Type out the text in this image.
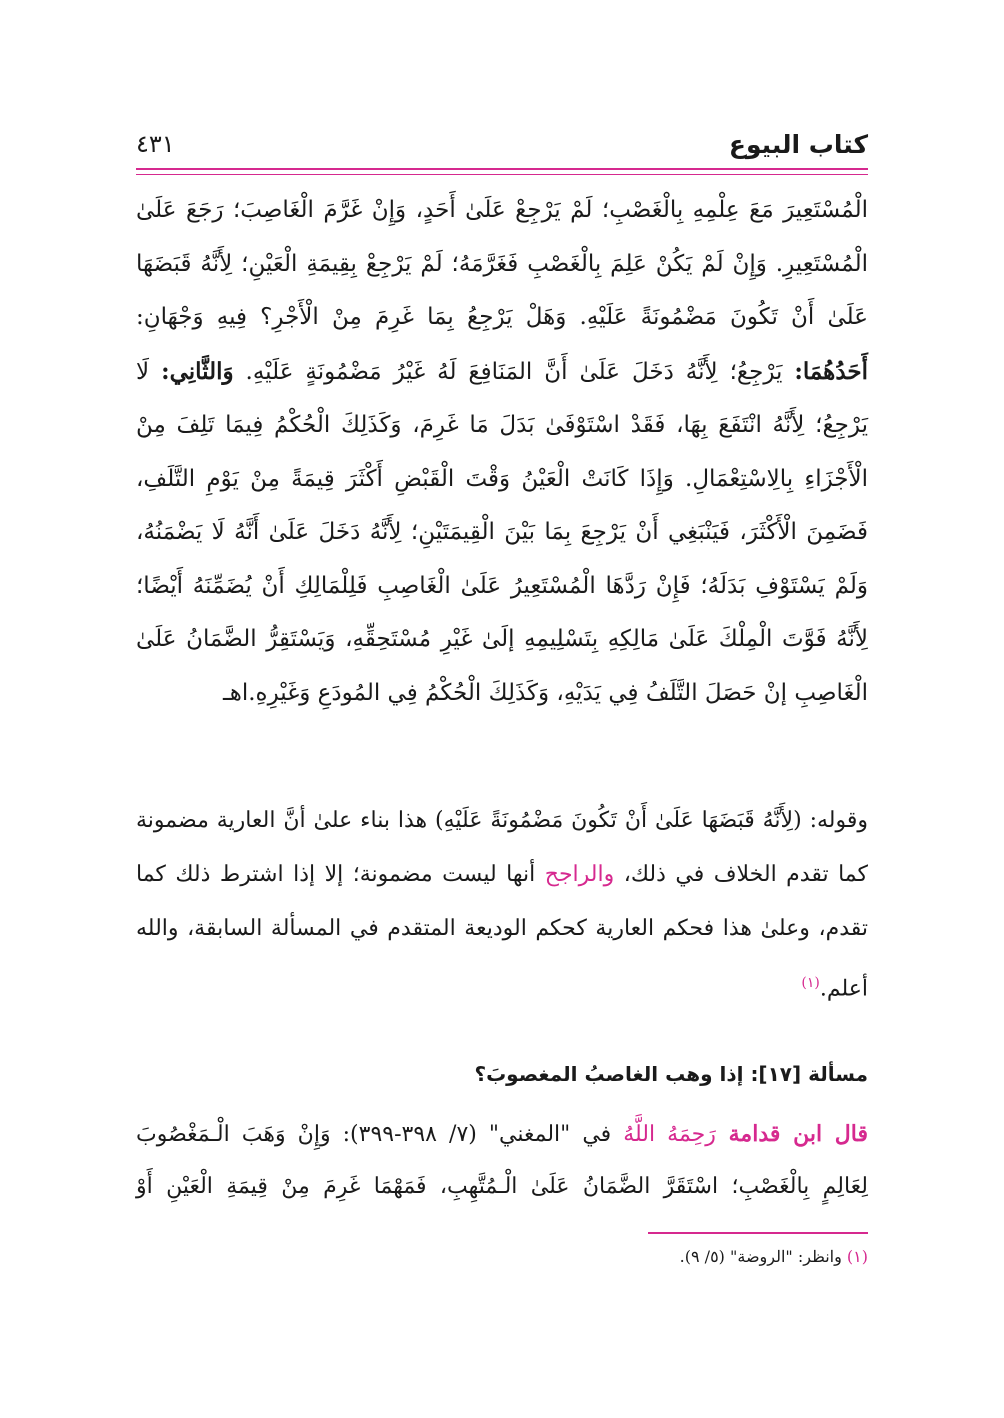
كتاب البيوع
٤٣١
الْمُسْتَعِيرَ مَعَ عِلْمِهِ بِالْغَصْبِ؛ لَمْ يَرْجِعْ عَلَىٰ أَحَدٍ، وَإِنْ غَرَّمَ الْغَاصِبَ؛ رَجَعَ عَلَىٰ
الْمُسْتَعِيرِ. وَإِنْ لَمْ يَكُنْ عَلِمَ بِالْغَصْبِ فَغَرَّمَهُ؛ لَمْ يَرْجِعْ بِقِيمَةِ الْعَيْنِ؛ لِأَنَّهُ قَبَضَهَا
عَلَىٰ أَنْ تَكُونَ مَضْمُونَةً عَلَيْهِ. وَهَلْ يَرْجِعُ بِمَا غَرِمَ مِنْ الْأَجْرِ؟ فِيهِ وَجْهَانِ:
أَحَدُهُمَا: يَرْجِعُ؛ لِأَنَّهُ دَخَلَ عَلَىٰ أَنَّ المَنَافِعَ لَهُ غَيْرُ مَضْمُونَةٍ عَلَيْهِ. وَالثَّانِي: لَا
يَرْجِعُ؛ لِأَنَّهُ انْتَفَعَ بِهَا، فَقَدْ اسْتَوْفَىٰ بَدَلَ مَا غَرِمَ، وَكَذَلِكَ الْحُكْمُ فِيمَا تَلِفَ مِنْ
الْأَجْزَاءِ بِالِاسْتِعْمَالِ. وَإِذَا كَانَتْ الْعَيْنُ وَقْتَ الْقَبْضِ أَكْثَرَ قِيمَةً مِنْ يَوْمِ التَّلَفِ،
فَضَمِنَ الْأَكْثَرَ، فَيَنْبَغِي أَنْ يَرْجِعَ بِمَا بَيْنَ الْقِيمَتَيْنِ؛ لِأَنَّهُ دَخَلَ عَلَىٰ أَنَّهُ لَا يَضْمَنُهُ،
وَلَمْ يَسْتَوْفِ بَدَلَهُ؛ فَإِنْ رَدَّهَا الْمُسْتَعِيرُ عَلَىٰ الْغَاصِبِ فَلِلْمَالِكِ أَنْ يُضَمِّنَهُ أَيْضًا؛
لِأَنَّهُ فَوَّتَ الْمِلْكَ عَلَىٰ مَالِكِهِ بِتَسْلِيمِهِ إلَىٰ غَيْرِ مُسْتَحِقِّهِ، وَيَسْتَقِرُّ الضَّمَانُ عَلَىٰ
الْغَاصِبِ إنْ حَصَلَ التَّلَفُ فِي يَدَيْهِ، وَكَذَلِكَ الْحُكْمُ فِي المُودَعِ وَغَيْرِهِ.اهـ
وقوله: (لِأَنَّهُ قَبَضَهَا عَلَىٰ أَنْ تَكُونَ مَضْمُونَةً عَلَيْهِ) هذا بناء علىٰ أنَّ العارية مضمونة كما تقدم الخلاف في ذلك، والراجح أنها ليست مضمونة؛ إلا إذا اشترط ذلك كما تقدم، وعلىٰ هذا فحكم العارية كحكم الوديعة المتقدم في المسألة السابقة، والله أعلم.$^{(١)}$
مسألة [١٧]: إذا وهب الغاصبُ المغصوبَ؟
قال ابن قدامة رَحِمَهُ اللَّهُ في "المغني" (٧/ ٣٩٨-٣٩٩): وَإِنْ وَهَبَ الْـمَغْصُوبَ
لِعَالِمٍ بِالْغَصْبِ؛ اسْتَقَرَّ الضَّمَانُ عَلَىٰ الْـمُتَّهِبِ، فَمَهْمَا غَرِمَ مِنْ قِيمَةِ الْعَيْنِ أَوْ
(١) وانظر: "الروضة" (٥/ ٩).
